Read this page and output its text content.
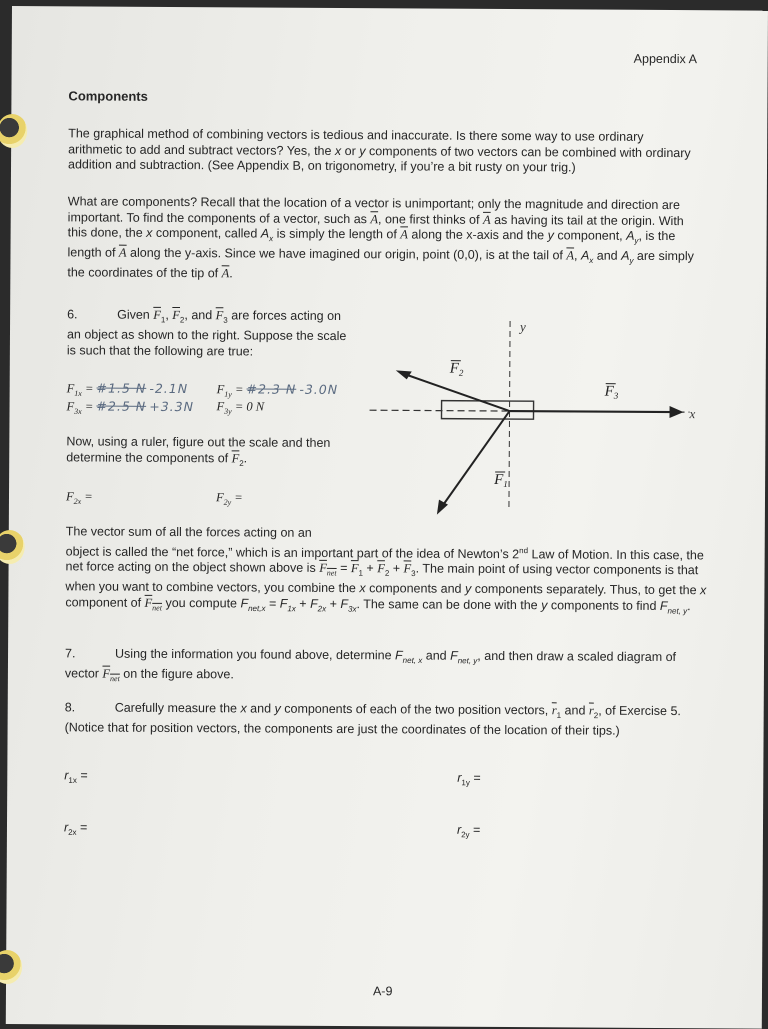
Appendix A
Components
The graphical method of combining vectors is tedious and inaccurate. Is there some way to use ordinary arithmetic to add and subtract vectors? Yes, the x or y components of two vectors can be combined with ordinary addition and subtraction. (See Appendix B, on trigonometry, if you’re a bit rusty on your trig.)
What are components? Recall that the location of a vector is unimportant; only the magnitude and direction are important. To find the components of a vector, such as $\overline{A}$, one first thinks of $\overline{A}$ as having its tail at the origin. With this done, the x component, called $A_x$ is simply the length of $\overline{A}$ along the x-axis and the y component, $A_y$, is the length of $\overline{A}$ along the y-axis. Since we have imagined our origin, point (0,0), is at the tail of $\overline{A}$, $A_x$ and $A_y$ are simply the coordinates of the tip of $\overline{A}$.
6.	Given $\overline{F}_1$, $\overline{F}_2$, and $\overline{F}_3$ are forces acting on an object as shown to the right. Suppose the scale is such that the following are true:
$F_{1x}$ = #1.5 N -2.1N $F_{1y}$ = #2.3 N -3.0N
$F_{3x}$ = #2.5 N +3.3N $F_{3y} = 0$ N
Now, using a ruler, figure out the scale and then determine the components of $\overline{F}_2$.
$F_{2x}$ =	$F_{2y}$ =
y
x
$F_2$
$F_3$
$F_1$
The vector sum of all the forces acting on an
object is called the “net force,” which is an important part of the idea of Newton’s 2nd Law of Motion. In this case, the net force acting on the object shown above is $F_{net} = \overline{F}_1 + \overline{F}_2 + \overline{F}_3$. The main point of using vector components is that when you want to combine vectors, you combine the x components and y components separately. Thus, to get the x component of $F_{net}$ you compute $F_{net,x} = F_{1x} + F_{2x} + F_{3x}$. The same can be done with the y components to find $F_{net, y}$.
7.	Using the information you found above, determine $F_{net, x}$ and $F_{net, y}$, and then draw a scaled diagram of vector $F_{net}$ on the figure above.
8.	Carefully measure the x and y components of each of the two position vectors, $\overline{r}_1$ and $\overline{r}_2$, of Exercise 5. (Notice that for position vectors, the components are just the coordinates of the location of their tips.)
$r_{1x}$ =	$r_{1y}$ =
$r_{2x}$ =	$r_{2y}$ =
A-9
